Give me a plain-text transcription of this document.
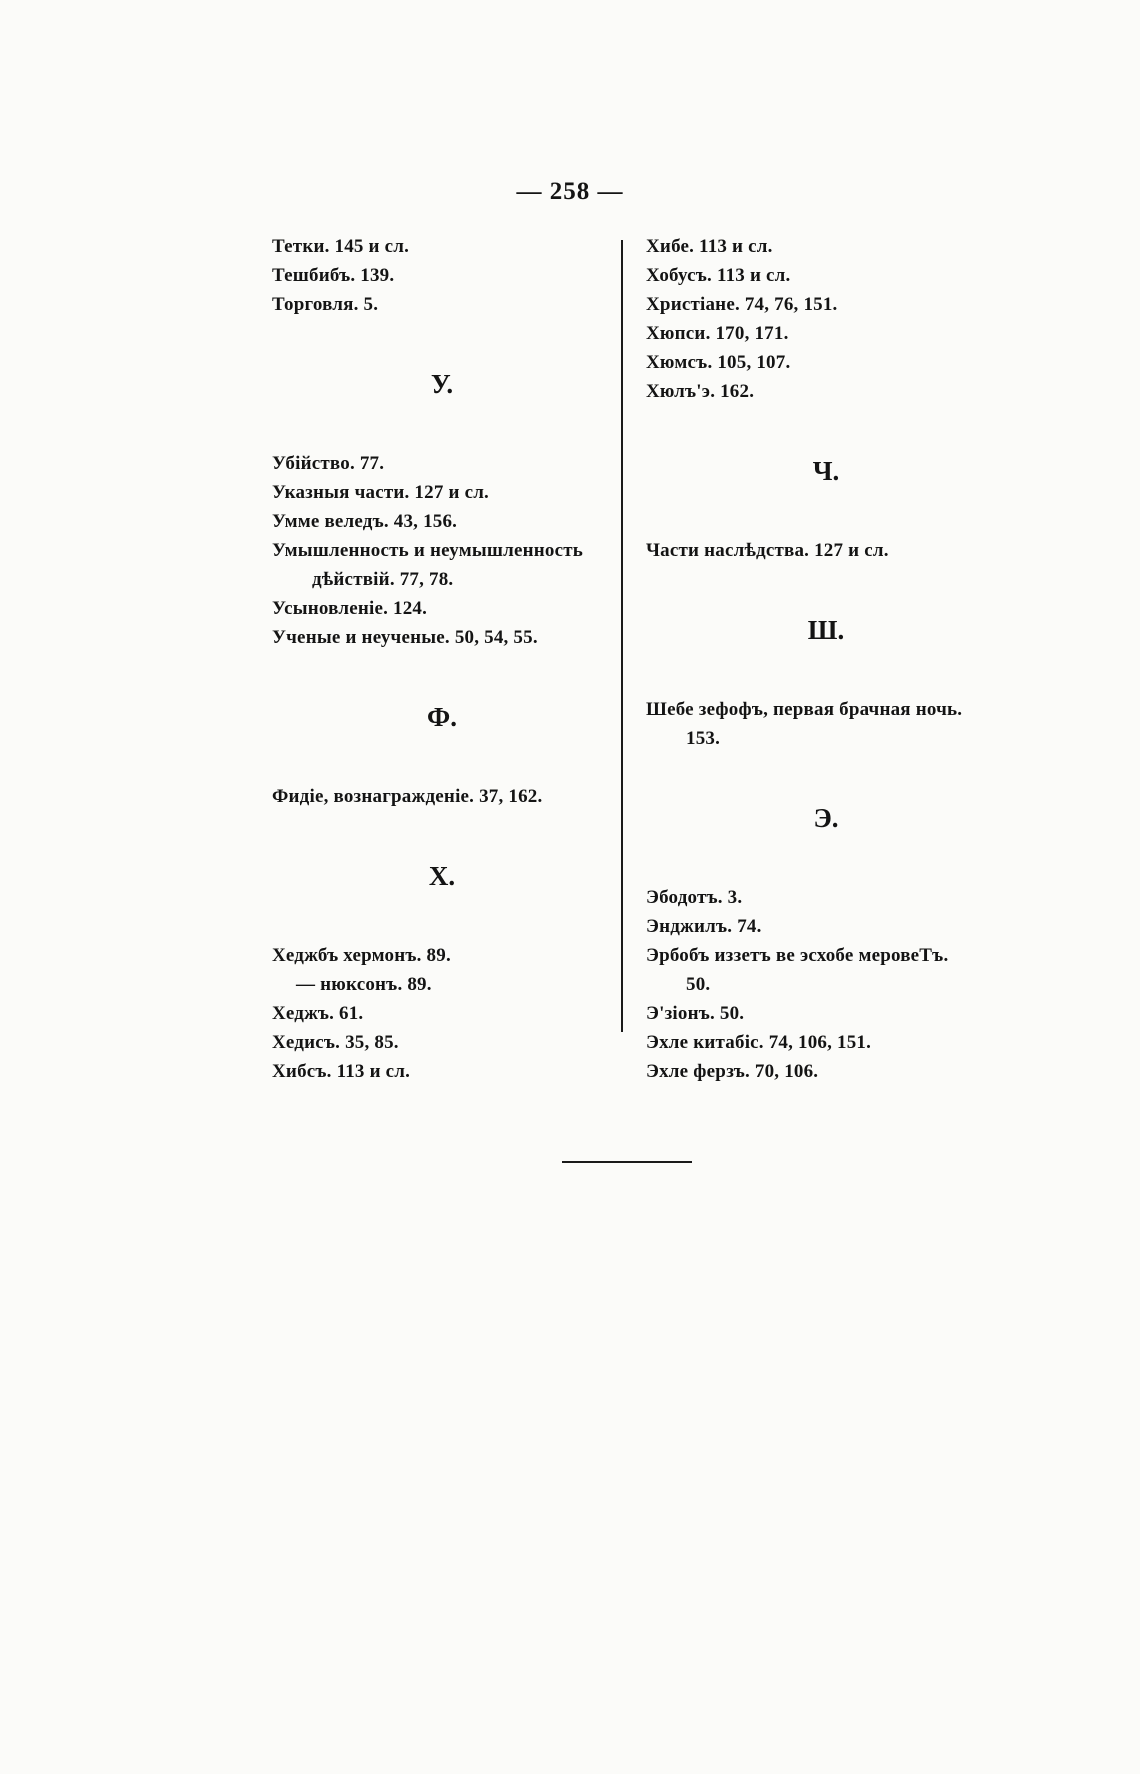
— 258 —
Тетки. 145 и сл.
Тешбибъ. 139.
Торговля. 5.
У.
Убійство. 77.
Указныя части. 127 и сл.
Умме веледъ. 43, 156.
Умышленность и неумышленность
дѣйствій. 77, 78.
Усыновленіе. 124.
Ученые и неученые. 50, 54, 55.
Ф.
Фидіе, вознагражденіе. 37, 162.
Х.
Хеджбъ хермонъ. 89.
— нюксонъ. 89.
Хеджъ. 61.
Хедисъ. 35, 85.
Хибсъ. 113 и сл.
Хибе. 113 и сл.
Хобусъ. 113 и сл.
Христіане. 74, 76, 151.
Хюпси. 170, 171.
Хюмсъ. 105, 107.
Хюлъ'э. 162.
Ч.
Части наслѣдства. 127 и сл.
Ш.
Шебе зефофъ, первая брачная ночь.
153.
Э.
Эбодотъ. 3.
Энджилъ. 74.
Эрбобъ иззетъ ве эсхобе меровеТъ.
50.
Э'зіонъ. 50.
Эхле китабіс. 74, 106, 151.
Эхле ферзъ. 70, 106.
